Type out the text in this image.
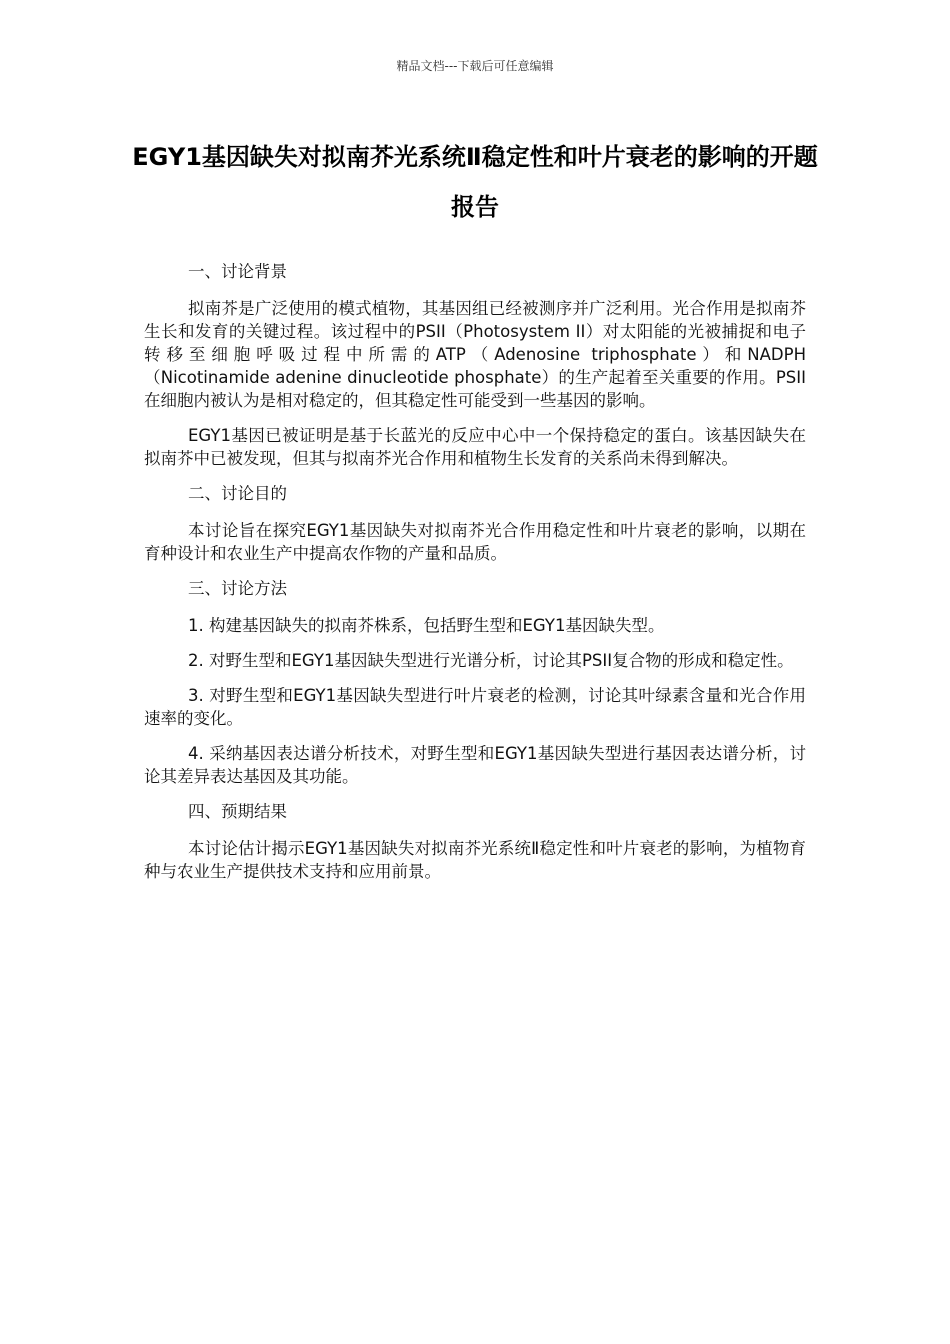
精品文档---下载后可任意编辑
EGY1基因缺失对拟南芥光系统Ⅱ稳定性和叶片衰老的影响的开题报告

一、讨论背景

拟南芥是广泛使用的模式植物，其基因组已经被测序并广泛利用。光合作用是拟南芥生长和发育的关键过程。该过程中的PSII（Photosystem II）对太阳能的光被捕捉和电子转移至细胞呼吸过程中所需的ATP（Adenosine triphosphate）和NADPH（Nicotinamide adenine dinucleotide phosphate）的生产起着至关重要的作用。PSII在细胞内被认为是相对稳定的，但其稳定性可能受到一些基因的影响。

EGY1基因已被证明是基于长蓝光的反应中心中一个保持稳定的蛋白。该基因缺失在拟南芥中已被发现，但其与拟南芥光合作用和植物生长发育的关系尚未得到解决。

二、讨论目的

本讨论旨在探究EGY1基因缺失对拟南芥光合作用稳定性和叶片衰老的影响，以期在育种设计和农业生产中提高农作物的产量和品质。

三、讨论方法

1. 构建基因缺失的拟南芥株系，包括野生型和EGY1基因缺失型。

2. 对野生型和EGY1基因缺失型进行光谱分析，讨论其PSII复合物的形成和稳定性。

3. 对野生型和EGY1基因缺失型进行叶片衰老的检测，讨论其叶绿素含量和光合作用速率的变化。

4. 采纳基因表达谱分析技术，对野生型和EGY1基因缺失型进行基因表达谱分析，讨论其差异表达基因及其功能。

四、预期结果

本讨论估计揭示EGY1基因缺失对拟南芥光系统Ⅱ稳定性和叶片衰老的影响，为植物育种与农业生产提供技术支持和应用前景。
